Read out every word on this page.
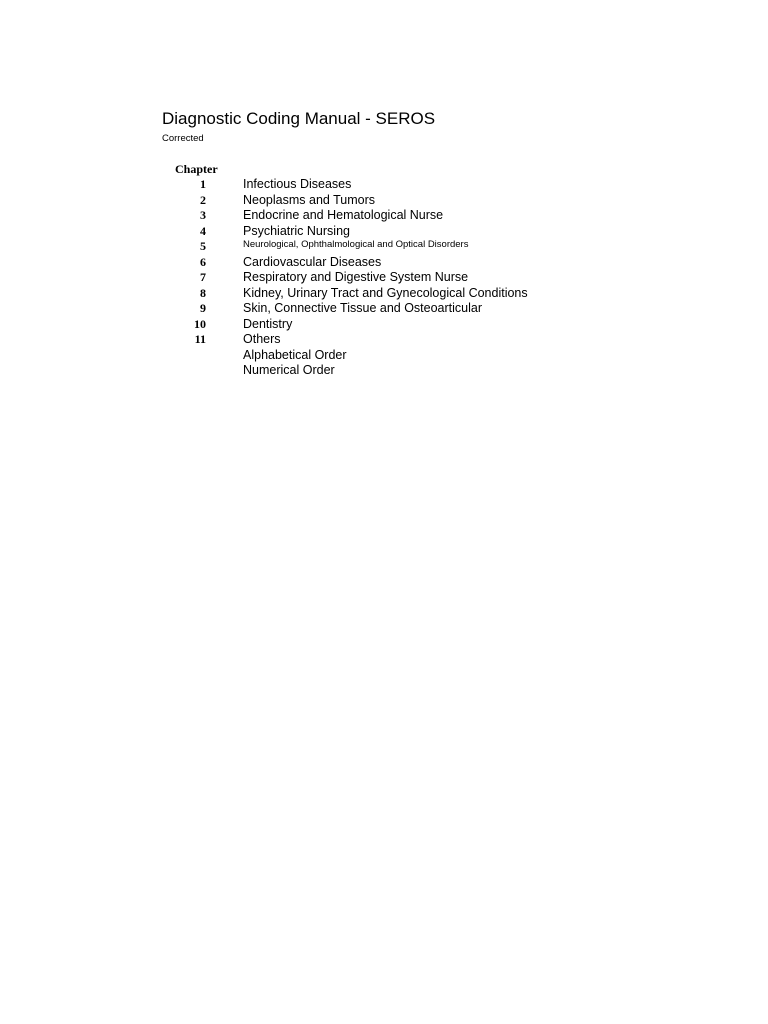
Diagnostic Coding Manual - SEROS
Corrected
Chapter
1	Infectious Diseases
2	Neoplasms and Tumors
3	Endocrine and Hematological Nurse
4	Psychiatric Nursing
5	Neurological, Ophthalmological and Optical Disorders
6	Cardiovascular Diseases
7	Respiratory and Digestive System Nurse
8	Kidney, Urinary Tract and Gynecological Conditions
9	Skin, Connective Tissue and Osteoarticular
10	Dentistry
11	Others
Alphabetical Order
Numerical Order
